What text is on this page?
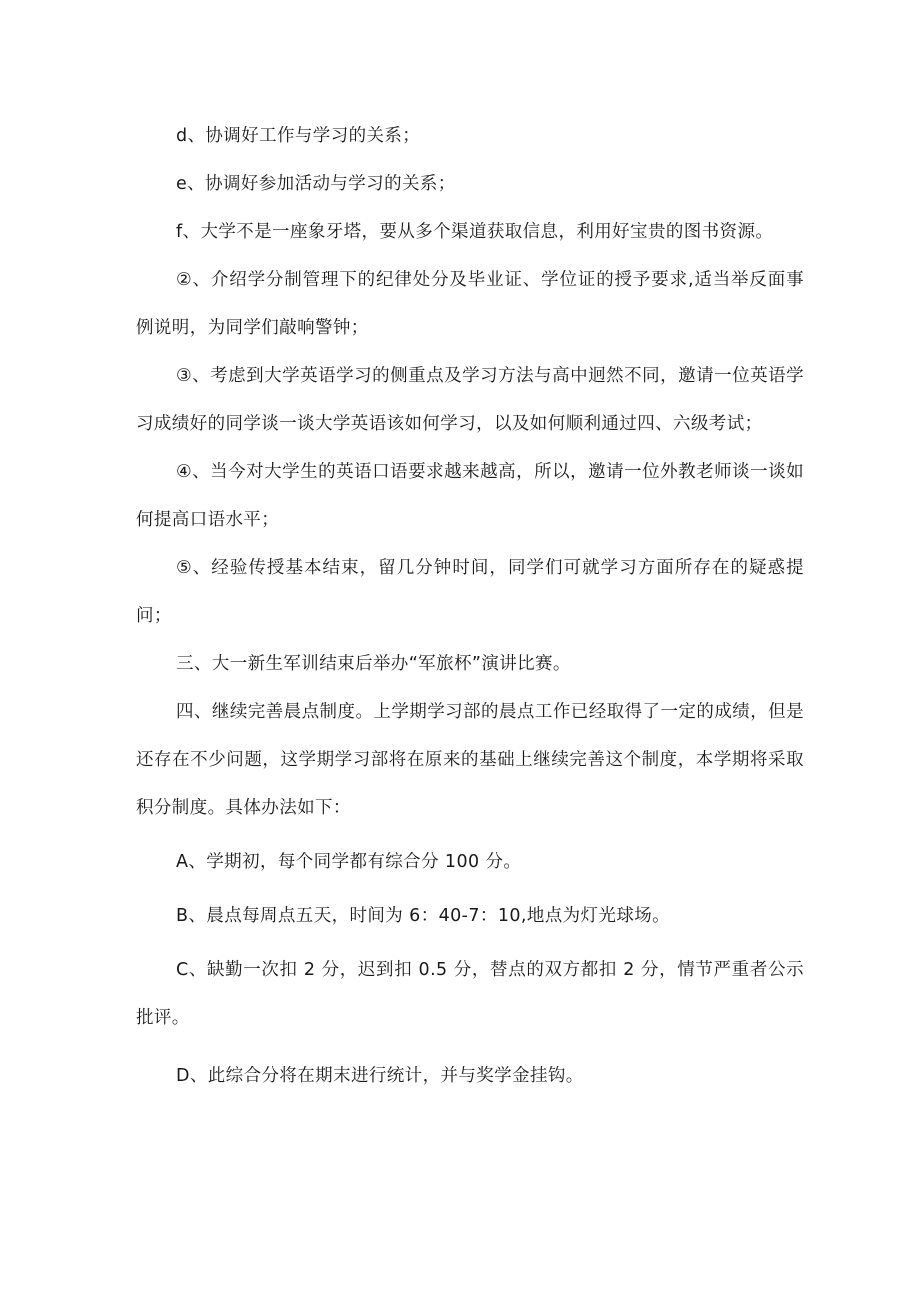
d、协调好工作与学习的关系；

e、协调好参加活动与学习的关系；

f、大学不是一座象牙塔，要从多个渠道获取信息，利用好宝贵的图书资源。

②、介绍学分制管理下的纪律处分及毕业证、学位证的授予要求,适当举反面事例说明，为同学们敲响警钟；

③、考虑到大学英语学习的侧重点及学习方法与高中迥然不同，邀请一位英语学习成绩好的同学谈一谈大学英语该如何学习，以及如何顺利通过四、六级考试；

④、当今对大学生的英语口语要求越来越高，所以，邀请一位外教老师谈一谈如何提高口语水平；

⑤、经验传授基本结束，留几分钟时间，同学们可就学习方面所存在的疑惑提问；

三、大一新生军训结束后举办“军旅杯”演讲比赛。

四、继续完善晨点制度。上学期学习部的晨点工作已经取得了一定的成绩，但是还存在不少问题，这学期学习部将在原来的基础上继续完善这个制度，本学期将采取积分制度。具体办法如下：

A、学期初，每个同学都有综合分 100 分。

B、晨点每周点五天，时间为 6：40-7：10,地点为灯光球场。

C、缺勤一次扣 2 分，迟到扣 0.5 分，替点的双方都扣 2 分，情节严重者公示批评。

D、此综合分将在期末进行统计，并与奖学金挂钩。
